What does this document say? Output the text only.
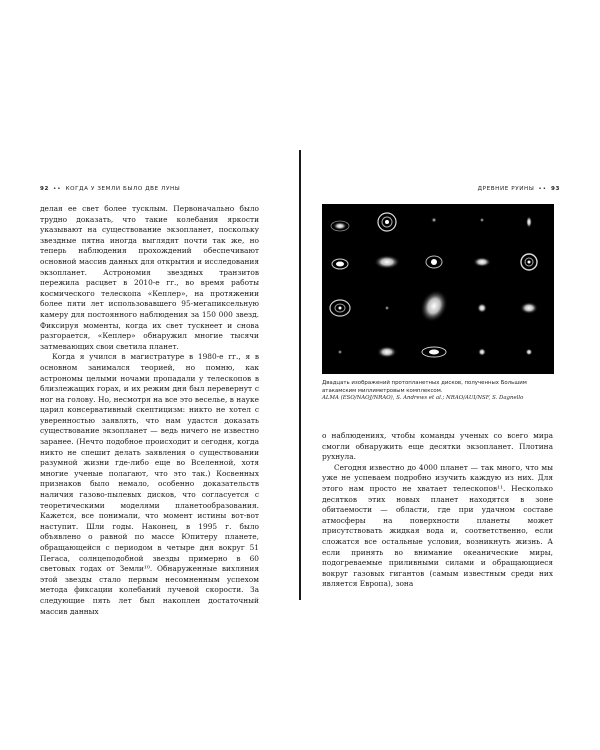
92 •• КОГДА У ЗЕМЛИ БЫЛО ДВЕ ЛУНЫ	ДРЕВНИЕ РУИНЫ •• 93

делая ее свет более тусклым. Первоначально было трудно доказать, что такие колебания яркости указывают на существование экзопланет, поскольку звездные пятна иногда выглядят почти так же, но теперь наблюдения прохождений обеспечивают основной массив данных для открытия и исследования экзопланет. Астрономия звездных транзитов пережила расцвет в 2010-е гг., во время работы космического телескопа «Кеплер», на протяжении более пяти лет использовавшего 95-мегапиксельную камеру для постоянного наблюдения за 150 000 звезд. Фиксируя моменты, когда их свет тускнеет и снова разгорается, «Кеплер» обнаружил многие тысячи затмевающих свои светила планет.

Когда я учился в магистратуре в 1980-е гг., я в основном занимался теорией, но помню, как астрономы целыми ночами пропадали у телескопов в близлежащих горах, и их режим дня был перевернут с ног на голову. Но, несмотря на все это веселье, в науке царил консервативный скептицизм: никто не хотел с уверенностью заявлять, что нам удастся доказать существование экзопланет — ведь ничего не известно заранее. (Нечто подобное происходит и сегодня, когда никто не спешит делать заявления о существовании разумной жизни где-либо еще во Вселенной, хотя многие ученые полагают, что это так.) Косвенных признаков было немало, особенно доказательств наличия газово-пылевых дисков, что согласуется с теоретическими моделями планетообразования. Кажется, все понимали, что момент истины вот-вот наступит. Шли годы. Наконец, в 1995 г. было объявлено о равной по массе Юпитеру планете, обращающейся с периодом в четыре дня вокруг 51 Пегаса, солнцеподобной звезды примерно в 60 световых годах от Земли¹⁰. Обнаруженные вихляния этой звезды стало первым несомненным успехом метода фиксации колебаний лучевой скорости. За следующие пять лет был накоплен достаточный массив данных

Двадцать изображений протопланетных дисков, полученных Большим атакамским миллиметровым комплексом.
ALMA (ESO/NAOJ/NRAO), S. Andrews et al.; NRAO/AUI/NSF, S. Dagnello

о наблюдениях, чтобы команды ученых со всего мира смогли обнаружить еще десятки экзопланет. Плотина рухнула.

Сегодня известно до 4000 планет — так много, что мы уже не успеваем подробно изучить каждую из них. Для этого нам просто не хватает телескопов¹¹. Несколько десятков этих новых планет находятся в зоне обитаемости — области, где при удачном составе атмосферы на поверхности планеты может присутствовать жидкая вода и, соответственно, если сложатся все остальные условия, возникнуть жизнь. А если принять во внимание океанические миры, подогреваемые приливными силами и обращающиеся вокруг газовых гигантов (самым известным среди них является Европа), зона
